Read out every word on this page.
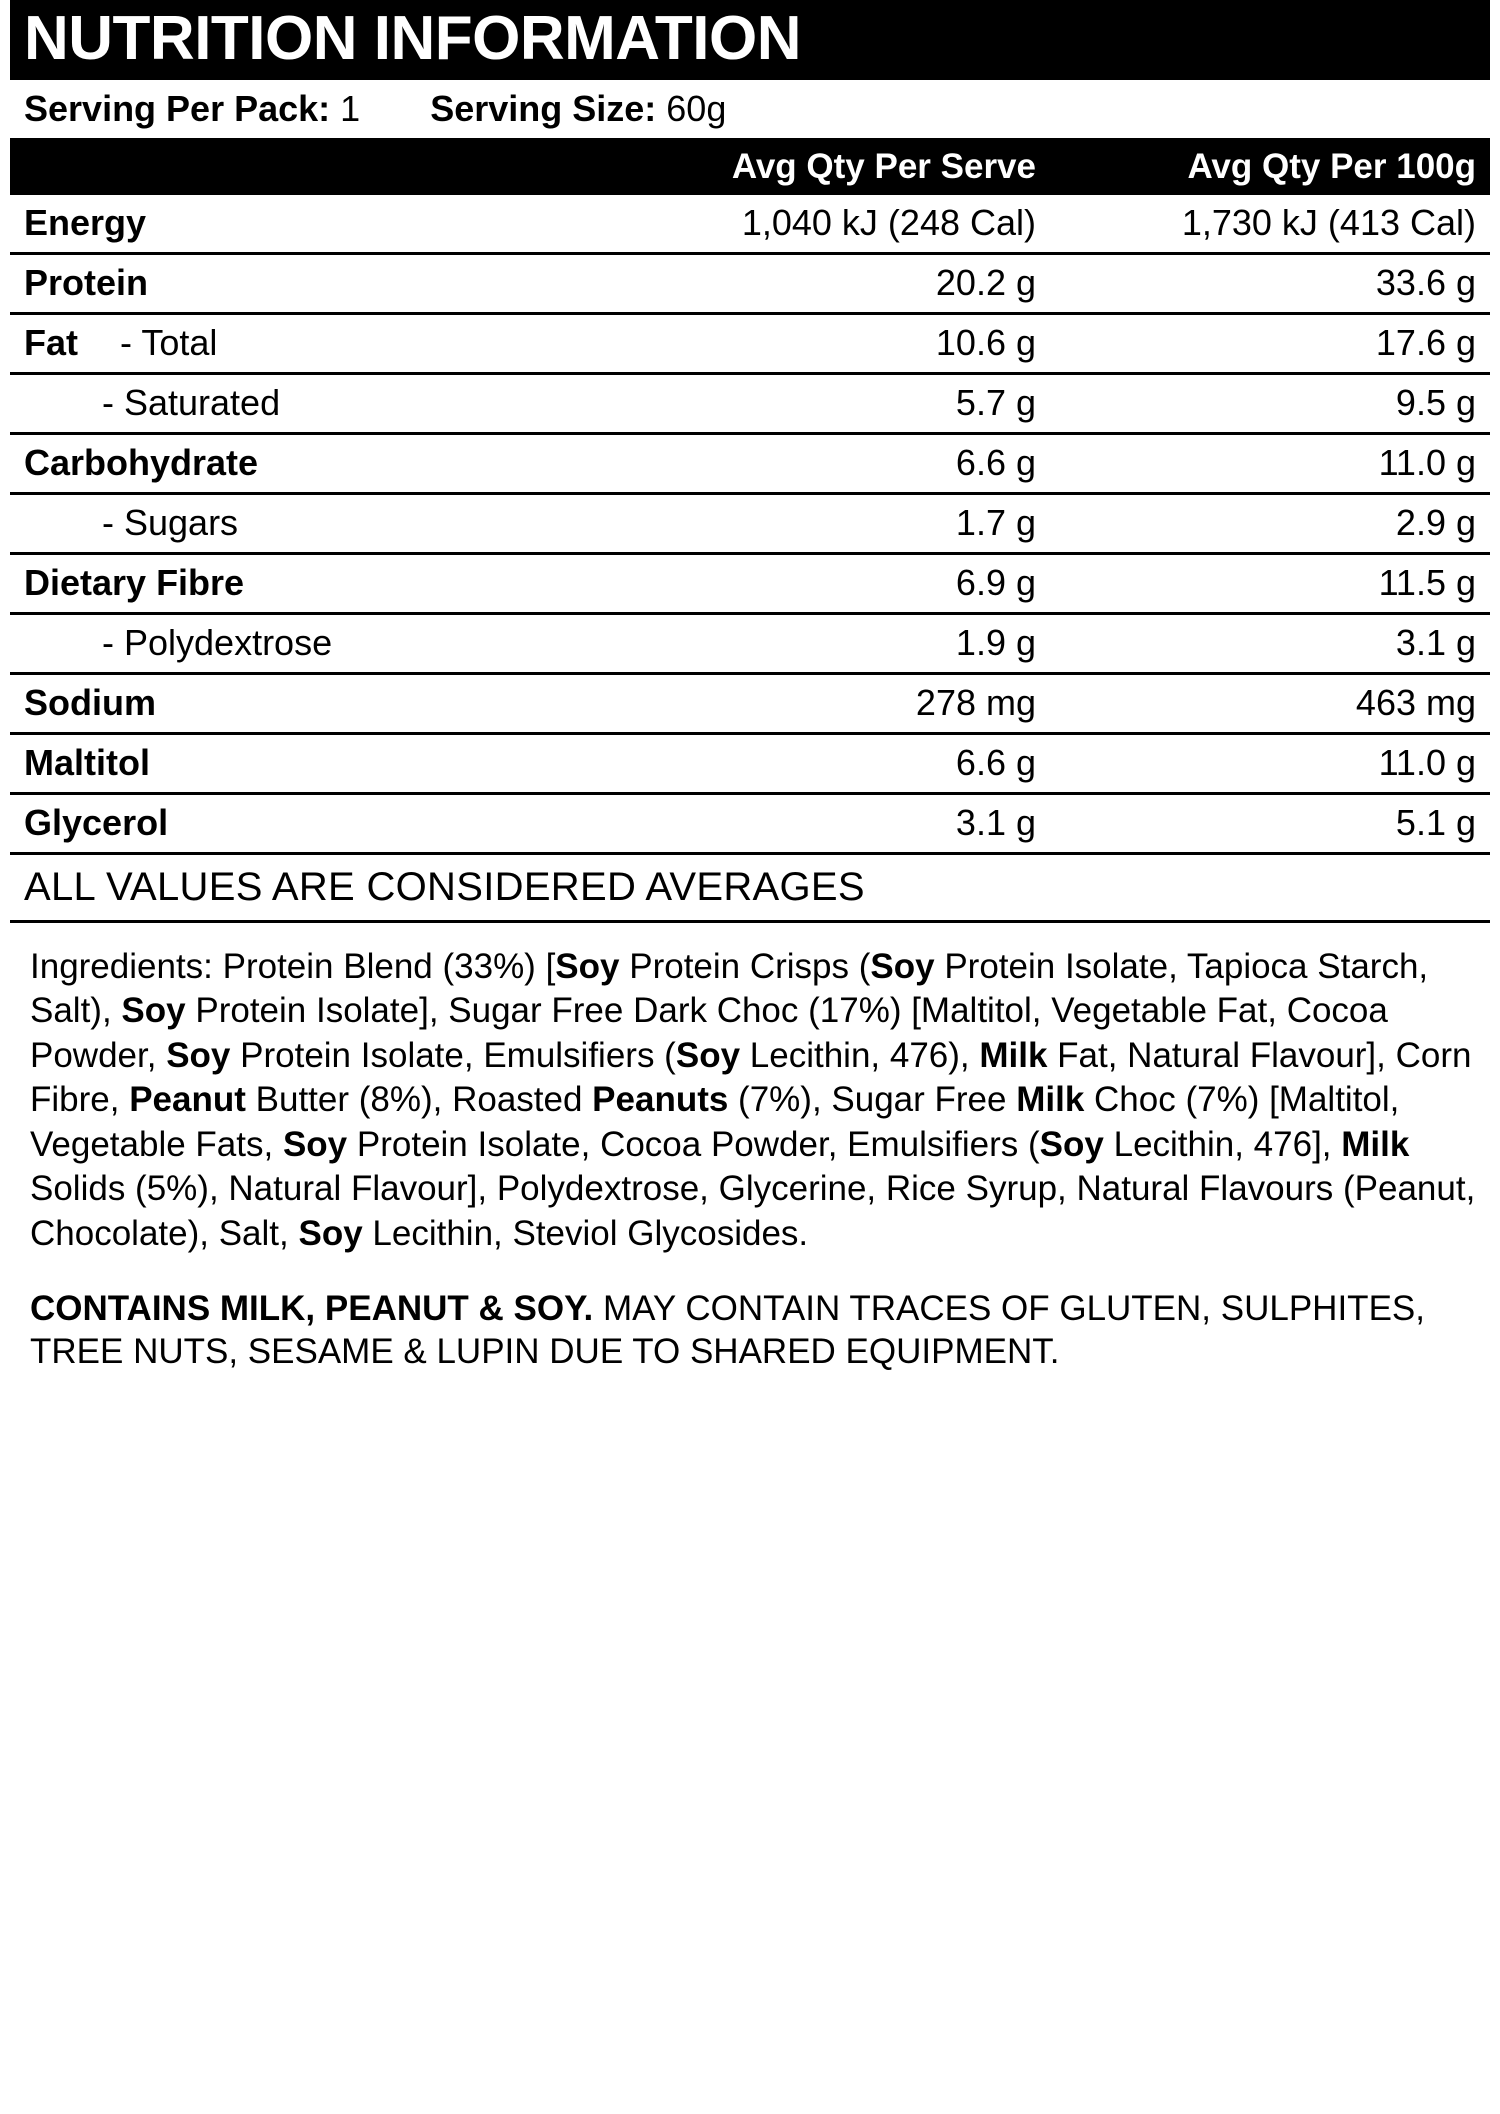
NUTRITION INFORMATION
Serving Per Pack: 1 Serving Size: 60g
Avg Qty Per Serve	Avg Qty Per 100g
Energy	1,040 kJ (248 Cal)	1,730 kJ (413 Cal)
Protein	20.2 g	33.6 g
Fat - Total	10.6 g	17.6 g
- Saturated	5.7 g	9.5 g
Carbohydrate	6.6 g	11.0 g
- Sugars	1.7 g	2.9 g
Dietary Fibre	6.9 g	11.5 g
- Polydextrose	1.9 g	3.1 g
Sodium	278 mg	463 mg
Maltitol	6.6 g	11.0 g
Glycerol	3.1 g	5.1 g
ALL VALUES ARE CONSIDERED AVERAGES
Ingredients: Protein Blend (33%) [Soy Protein Crisps (Soy Protein Isolate, Tapioca Starch, Salt), Soy Protein Isolate], Sugar Free Dark Choc (17%) [Maltitol, Vegetable Fat, Cocoa Powder, Soy Protein Isolate, Emulsifiers (Soy Lecithin, 476), Milk Fat, Natural Flavour], Corn Fibre, Peanut Butter (8%), Roasted Peanuts (7%), Sugar Free Milk Choc (7%) [Maltitol, Vegetable Fats, Soy Protein Isolate, Cocoa Powder, Emulsifiers (Soy Lecithin, 476], Milk Solids (5%), Natural Flavour], Polydextrose, Glycerine, Rice Syrup, Natural Flavours (Peanut, Chocolate), Salt, Soy Lecithin, Steviol Glycosides.
CONTAINS MILK, PEANUT & SOY. MAY CONTAIN TRACES OF GLUTEN, SULPHITES, TREE NUTS, SESAME & LUPIN DUE TO SHARED EQUIPMENT.
